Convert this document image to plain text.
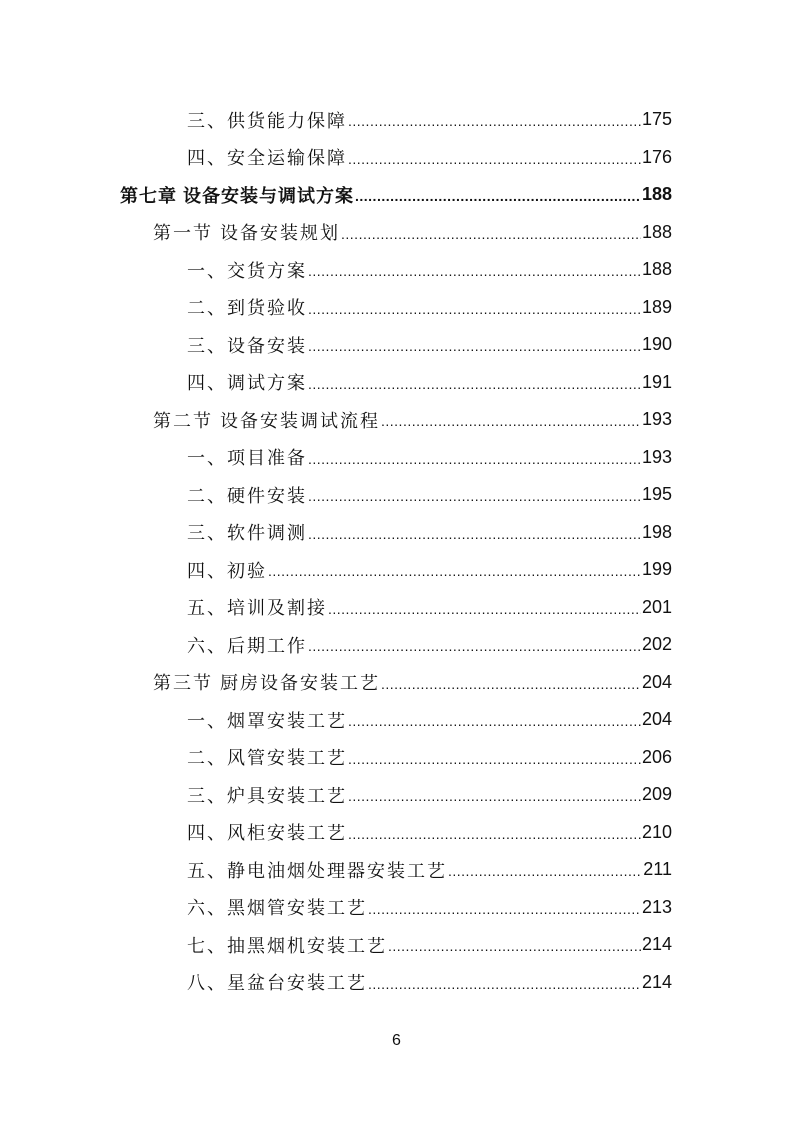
三、供货能力保障 .....	175
四、安全运输保障 .....	176
第七章 设备安装与调试方案 .....	188
第一节 设备安装规划 .....	188
一、交货方案 .....	188
二、到货验收 .....	189
三、设备安装 .....	190
四、调试方案 .....	191
第二节 设备安装调试流程 .....	193
一、项目准备 .....	193
二、硬件安装 .....	195
三、软件调测 .....	198
四、初验 .....	199
五、培训及割接 .....	201
六、后期工作 .....	202
第三节 厨房设备安装工艺 .....	204
一、烟罩安装工艺 .....	204
二、风管安装工艺 .....	206
三、炉具安装工艺 .....	209
四、风柜安装工艺 .....	210
五、静电油烟处理器安装工艺 .....	211
六、黑烟管安装工艺 .....	213
七、抽黑烟机安装工艺 .....	214
八、星盆台安装工艺 .....	214
6
